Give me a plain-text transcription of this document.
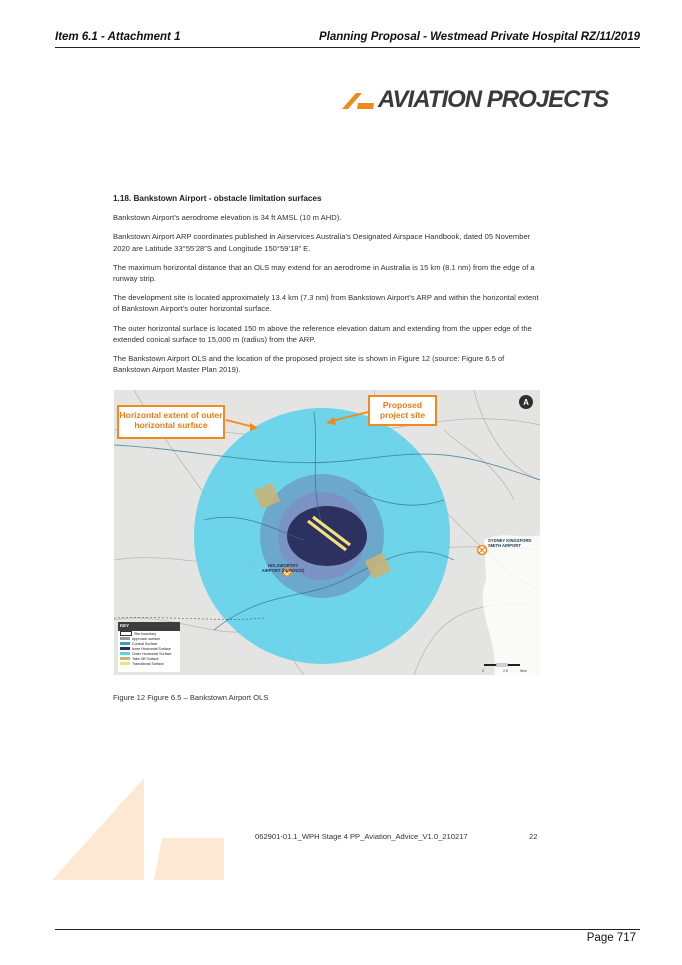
Item 6.1 - Attachment 1	Planning Proposal - Westmead Private Hospital RZ/11/2019
AVIATION PROJECTS
1.18. Bankstown Airport - obstacle limitation surfaces

Bankstown Airport’s aerodrome elevation is 34 ft AMSL (10 m AHD).

Bankstown Airport ARP coordinates published in Airservices Australia’s Designated Airspace Handbook, dated 05 November 2020 are Latitude 33°55’28”S and Longitude 150°59’18” E.

The maximum horizontal distance that an OLS may extend for an aerodrome in Australia is 15 km (8.1 nm) from the edge of a runway strip.

The development site is located approximately 13.4 km (7.3 nm) from Bankstown Airport’s ARP and within the horizontal extent of Bankstown Airport’s outer horizontal surface.

The outer horizontal surface is located 150 m above the reference elevation datum and extending from the upper edge of the extended conical surface to 15,000 m (radius) from the ARP.

The Bankstown Airport OLS and the location of the proposed project site is shown in Figure 12 (source: Figure 6.5 of Bankstown Airport Master Plan 2019).

A
HOLSWORTHY AIRPORT (DEFENCE)
SYDNEY KINGSFORD SMITH AIRPORT
0	2.5	5km
Horizontal extent of outer horizontal surface
Proposed project site
KEY
Site boundary
Approach surface
Conical Surface
Inner Horizontal Surface
Outer Horizontal Surface
Take Off Surface
Transitional Surface
Figure 12 Figure 6.5 – Bankstown Airport OLS
062901-01.1_WPH Stage 4 PP_Aviation_Advice_V1.0_210217	22
Page 717
